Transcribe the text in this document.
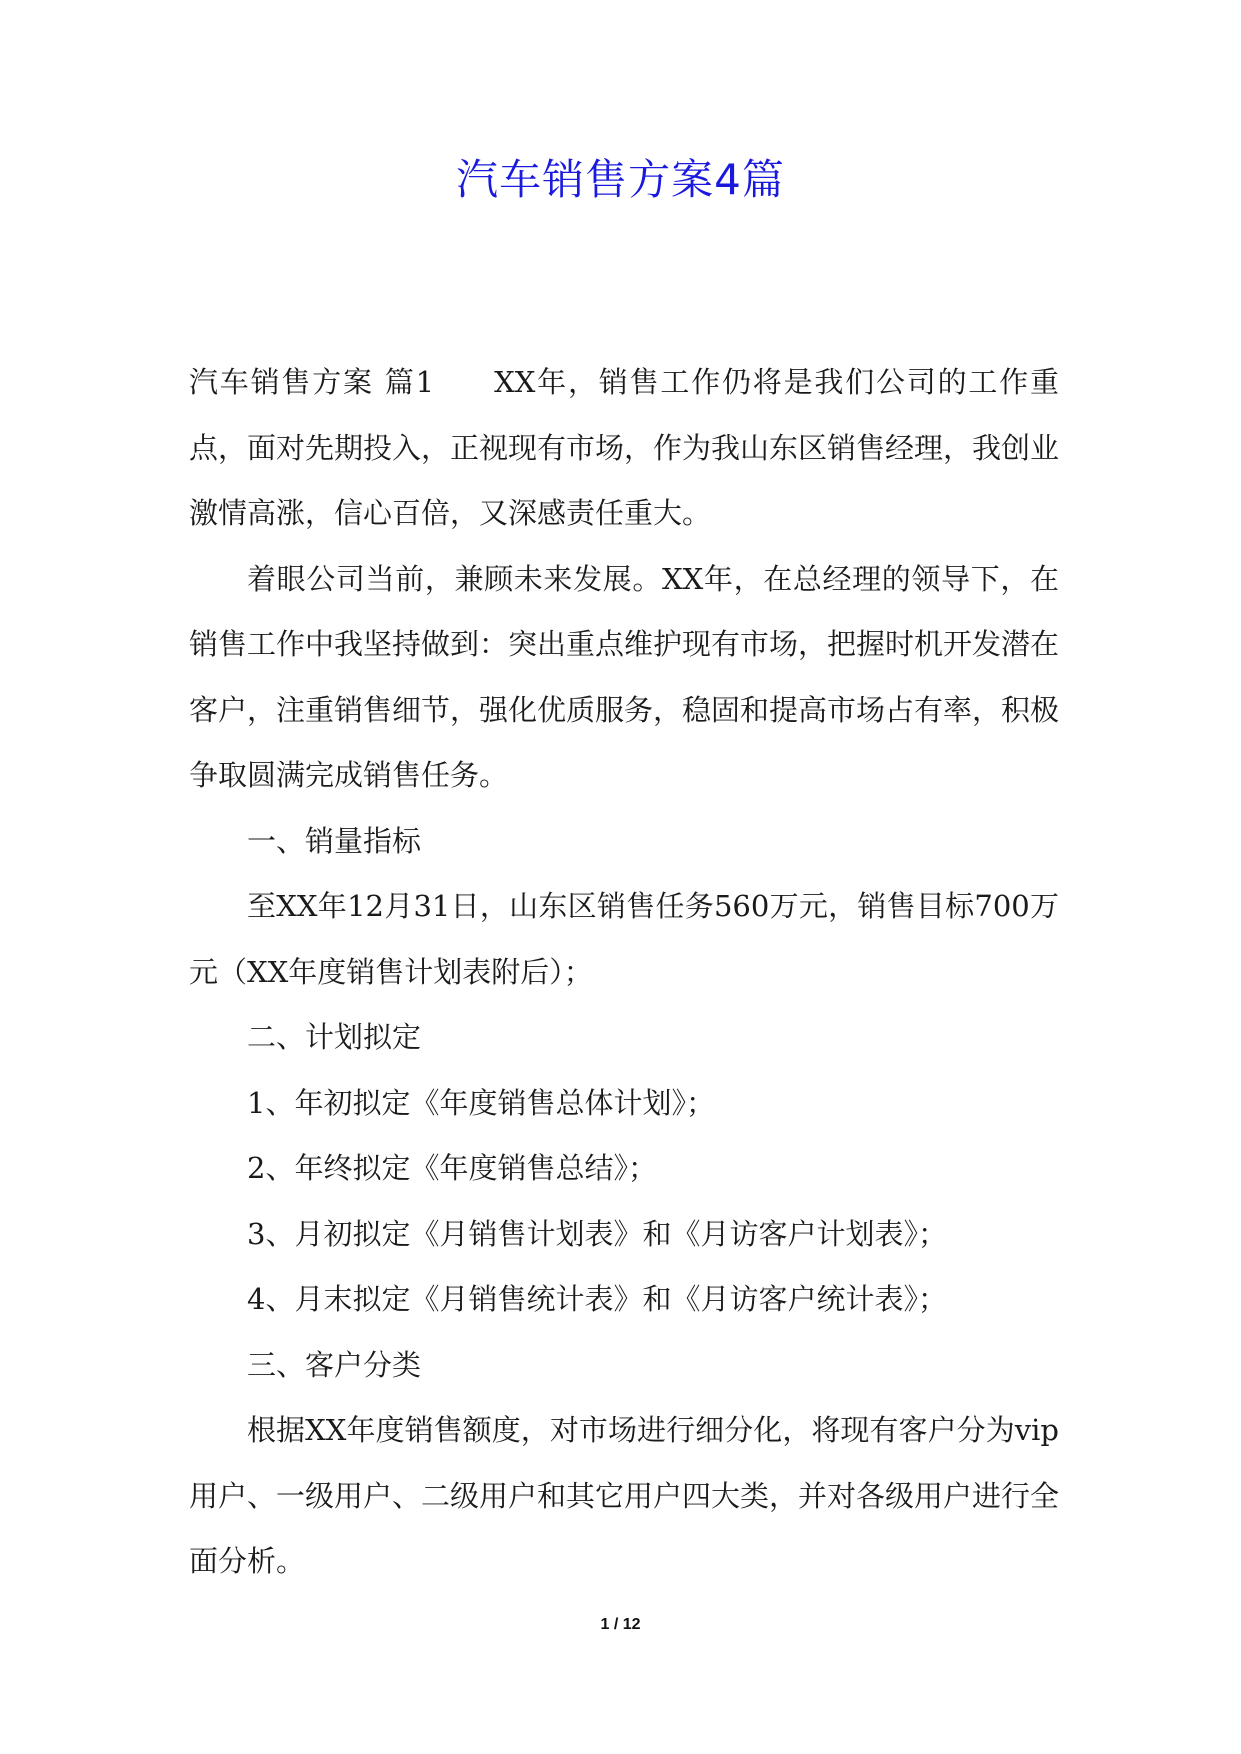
汽车销售方案4篇

汽车销售方案 篇1 XX年，销售工作仍将是我们公司的工作重点，面对先期投入，正视现有市场，作为我山东区销售经理，我创业激情高涨，信心百倍，又深感责任重大。

着眼公司当前，兼顾未来发展。XX年，在总经理的领导下，在销售工作中我坚持做到：突出重点维护现有市场，把握时机开发潜在客户，注重销售细节，强化优质服务，稳固和提高市场占有率，积极争取圆满完成销售任务。

一、销量指标

至XX年12月31日，山东区销售任务560万元，销售目标700万元（XX年度销售计划表附后）；

二、计划拟定

1、年初拟定《年度销售总体计划》；

2、年终拟定《年度销售总结》；

3、月初拟定《月销售计划表》和《月访客户计划表》；

4、月末拟定《月销售统计表》和《月访客户统计表》；

三、客户分类

根据XX年度销售额度，对市场进行细分化，将现有客户分为vip用户、一级用户、二级用户和其它用户四大类，并对各级用户进行全面分析。

1 / 12
